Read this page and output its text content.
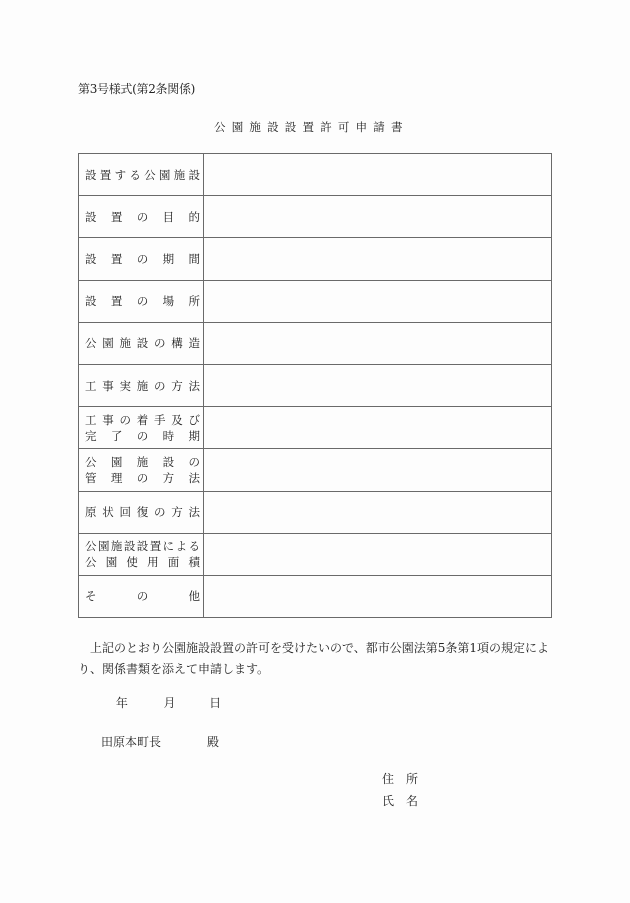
第3号様式(第2条関係)
公園施設設置許可申請書
設 置 す る 公 園 施 設

設 置 の 目 的	

設 置 の 期 間	

設 置 の 場 所	

公 園 施 設 の 構 造

工 事 実 施 の 方 法

工 事 の 着 手 及 び
完 了 の 時 期

公 園 施 設 の
管 理 の 方 法

原 状 回 復 の 方 法

公 園 施 設 設 置 に よ る
公 園 使 用 面 積

そ の 他	

上記のとおり公園施設設置の許可を受けたいので、都市公園法第5条第1項の規定により、関係書類を添えて申請します。
年	月	日
田原本町長	殿
住 所
氏 名
